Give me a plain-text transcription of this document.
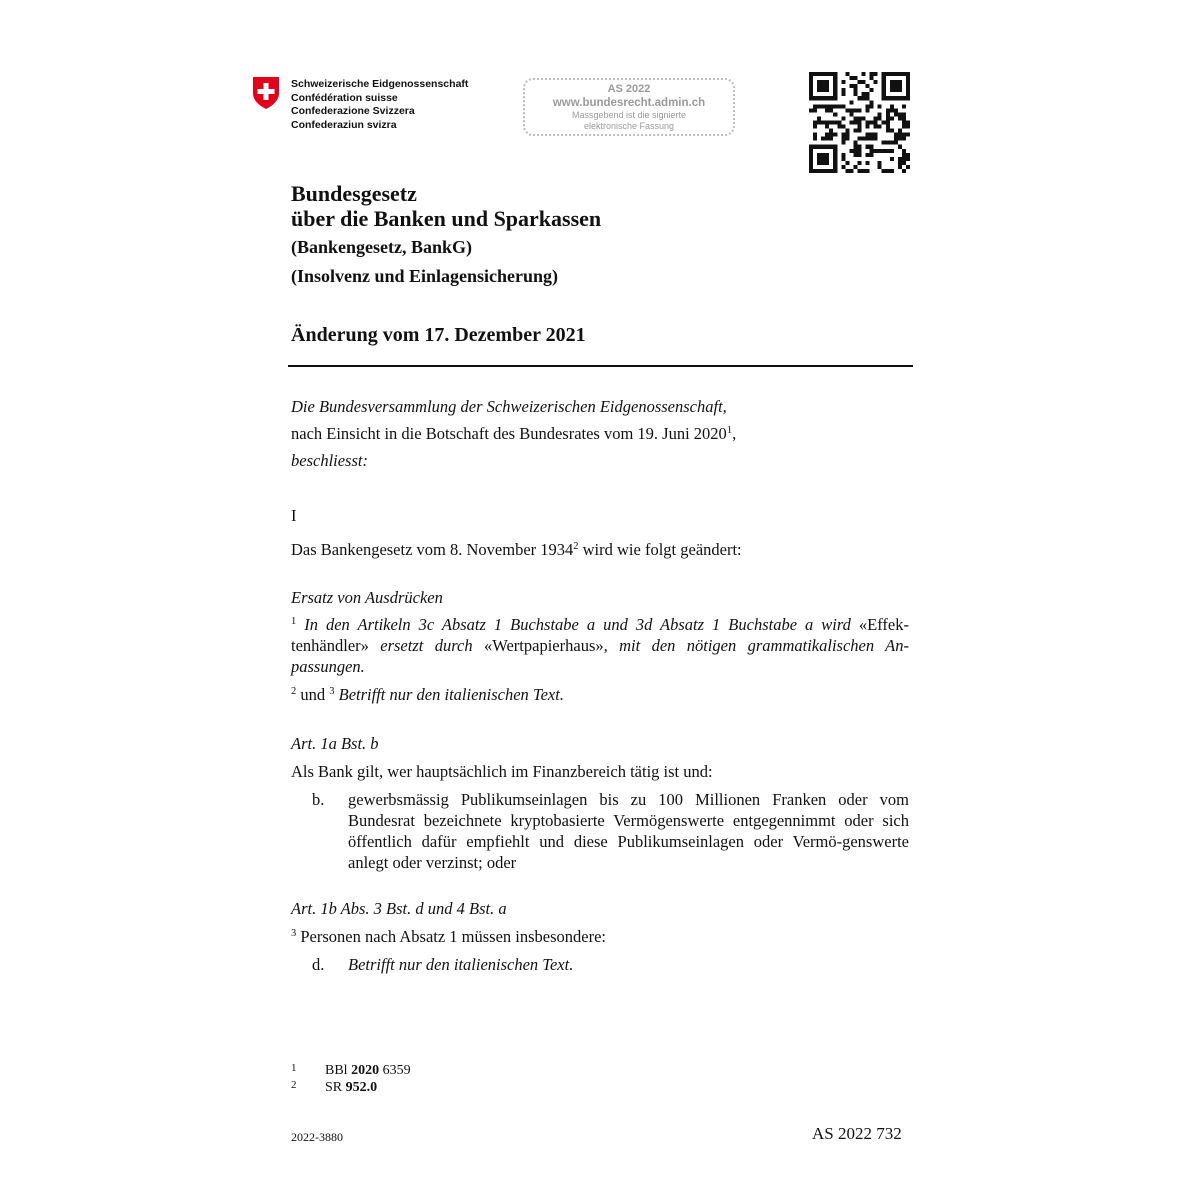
Schweizerische Eidgenossenschaft
Confédération suisse
Confederazione Svizzera
Confederaziun svizra
AS 2022
www.bundesrecht.admin.ch
Massgebend ist die signierte
elektronische Fassung
Bundesgesetz
über die Banken und Sparkassen
(Bankengesetz, BankG)
(Insolvenz und Einlagensicherung)
Änderung vom 17. Dezember 2021
Die Bundesversammlung der Schweizerischen Eidgenossenschaft,
nach Einsicht in die Botschaft des Bundesrates vom 19. Juni 2020$^1$,
beschliesst:
I
Das Bankengesetz vom 8. November 1934$^2$ wird wie folgt geändert:
Ersatz von Ausdrücken
$^1$ In den Artikeln 3c Absatz 1 Buchstabe a und 3d Absatz 1 Buchstabe a wird «Effek-tenhändler» ersetzt durch «Wertpapierhaus», mit den nötigen grammatikalischen An-passungen.
$^2$ und $^3$ Betrifft nur den italienischen Text.
Art. 1a Bst. b
Als Bank gilt, wer hauptsächlich im Finanzbereich tätig ist und:
b. gewerbsmässig Publikumseinlagen bis zu 100 Millionen Franken oder vom Bundesrat bezeichnete kryptobasierte Vermögenswerte entgegennimmt oder sich öffentlich dafür empfiehlt und diese Publikumseinlagen oder Vermö-genswerte anlegt oder verzinst; oder
Art. 1b Abs. 3 Bst. d und 4 Bst. a
$^3$ Personen nach Absatz 1 müssen insbesondere:
d. Betrifft nur den italienischen Text.
1 BBl 2020 6359
2 SR 952.0
2022-3880	AS 2022 732
